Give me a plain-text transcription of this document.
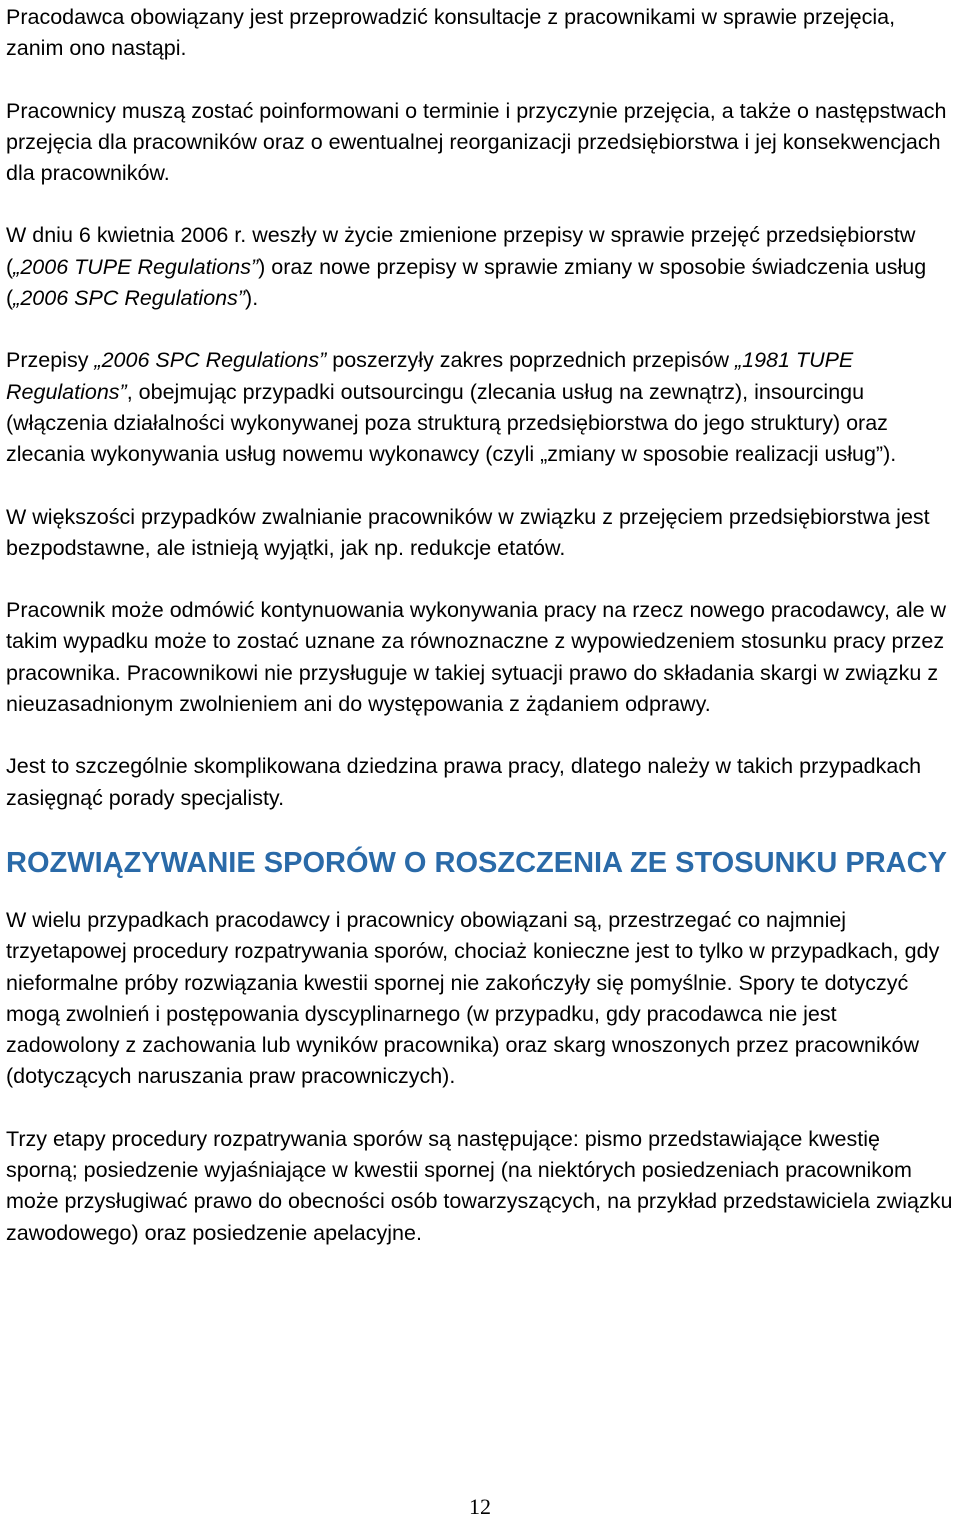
Pracodawca obowiązany jest przeprowadzić konsultacje z pracownikami w sprawie przejęcia, zanim ono nastąpi.

Pracownicy muszą zostać poinformowani o terminie i przyczynie przejęcia, a także o następstwach przejęcia dla pracowników oraz o ewentualnej reorganizacji przedsiębiorstwa i jej konsekwencjach dla pracowników.

W dniu 6 kwietnia 2006 r. weszły w życie zmienione przepisy w sprawie przejęć przedsiębiorstw („2006 TUPE Regulations”) oraz nowe przepisy w sprawie zmiany w sposobie świadczenia usług („2006 SPC Regulations”).

Przepisy „2006 SPC Regulations” poszerzyły zakres poprzednich przepisów „1981 TUPE Regulations”, obejmując przypadki outsourcingu (zlecania usług na zewnątrz), insourcingu (włączenia działalności wykonywanej poza strukturą przedsiębiorstwa do jego struktury) oraz zlecania wykonywania usług nowemu wykonawcy (czyli „zmiany w sposobie realizacji usług”).

W większości przypadków zwalnianie pracowników w związku z przejęciem przedsiębiorstwa jest bezpodstawne, ale istnieją wyjątki, jak np. redukcje etatów.

Pracownik może odmówić kontynuowania wykonywania pracy na rzecz nowego pracodawcy, ale w takim wypadku może to zostać uznane za równoznaczne z wypowiedzeniem stosunku pracy przez pracownika. Pracownikowi nie przysługuje w takiej sytuacji prawo do składania skargi w związku z nieuzasadnionym zwolnieniem ani do występowania z żądaniem odprawy.

Jest to szczególnie skomplikowana dziedzina prawa pracy, dlatego należy w takich przypadkach zasięgnąć porady specjalisty.

ROZWIĄZYWANIE SPORÓW O ROSZCZENIA ZE STOSUNKU PRACY

W wielu przypadkach pracodawcy i pracownicy obowiązani są, przestrzegać co najmniej trzyetapowej procedury rozpatrywania sporów, chociaż konieczne jest to tylko w przypadkach, gdy nieformalne próby rozwiązania kwestii spornej nie zakończyły się pomyślnie. Spory te dotyczyć mogą zwolnień i postępowania dyscyplinarnego (w przypadku, gdy pracodawca nie jest zadowolony z zachowania lub wyników pracownika) oraz skarg wnoszonych przez pracowników (dotyczących naruszania praw pracowniczych).

Trzy etapy procedury rozpatrywania sporów są następujące: pismo przedstawiające kwestię sporną; posiedzenie wyjaśniające w kwestii spornej (na niektórych posiedzeniach pracownikom może przysługiwać prawo do obecności osób towarzyszących, na przykład przedstawiciela związku zawodowego) oraz posiedzenie apelacyjne.

12
